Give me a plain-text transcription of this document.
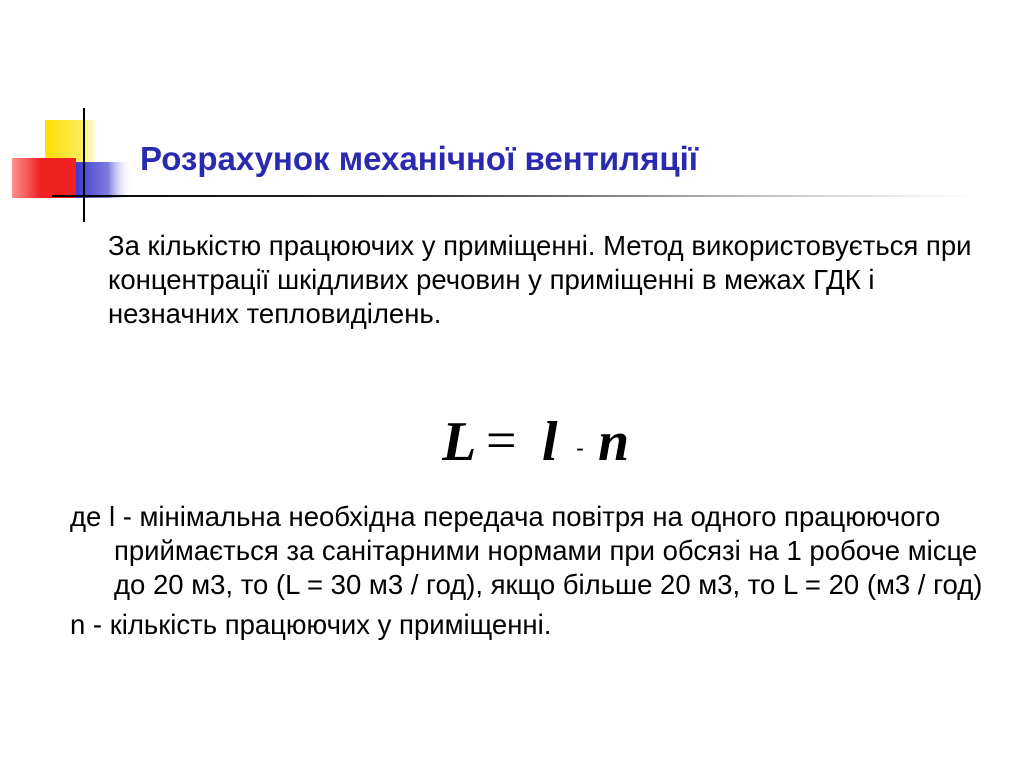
Розрахунок механічної вентиляції

За кількістю працюючих у приміщенні. Метод використовується при концентрації шкідливих речовин у приміщенні в межах ГДК і незначних тепловиділень.

L = l - n

де l - мінімальна необхідна передача повітря на одного працюючого приймається за санітарними нормами при обсязі на 1 робоче місце до 20 м3, то (L = 30 м3 / год), якщо більше 20 м3, то L = 20 (м3 / год)

n - кількість працюючих у приміщенні.
